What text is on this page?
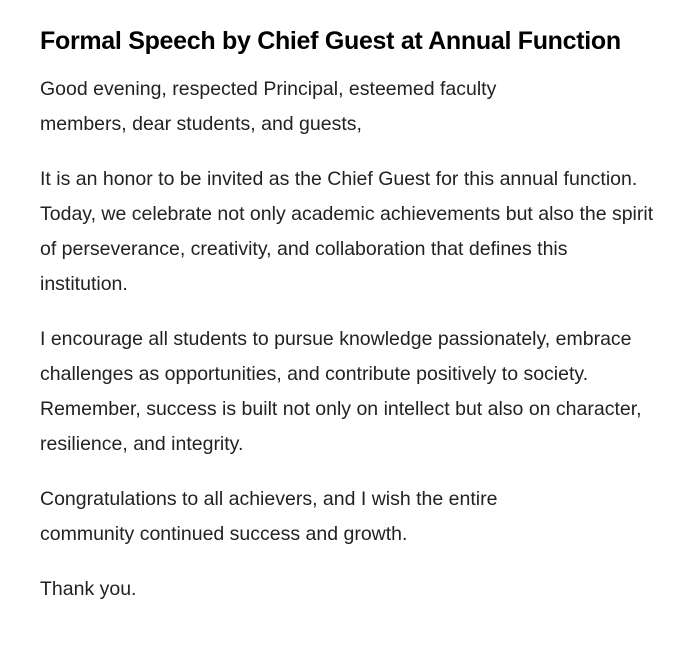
Formal Speech by Chief Guest at Annual Function

Good evening, respected Principal, esteemed faculty members, dear students, and guests,

It is an honor to be invited as the Chief Guest for this annual function. Today, we celebrate not only academic achievements but also the spirit of perseverance, creativity, and collaboration that defines this institution.

I encourage all students to pursue knowledge passionately, embrace challenges as opportunities, and contribute positively to society. Remember, success is built not only on intellect but also on character, resilience, and integrity.

Congratulations to all achievers, and I wish the entire community continued success and growth.

Thank you.
